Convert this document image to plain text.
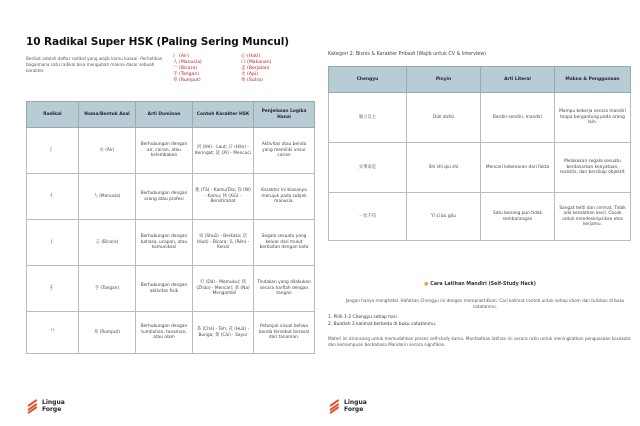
10 Radikal Super HSK (Paling Sering Muncul)
Berikut adalah daftar radikal yang wajib kamu kuasai. Perhatikan bagaimana satu radikal bisa mengubah makna dasar sebuah karakter.
氵 (Air)	心 (Hati)
人 (Manusia)	口 (Makanan)
宀 (Bicara)	走 (Berjalan)
手 (Tangan)	火 (Api)
草 (Rumput)	糸 (Sutra)
Radikal	Nama/Bentuk Asal	Arti Dominan	Contoh Karakter HSK	Penjelasan Logika Hanzi
氵	水 (Air)	Berhubungan dengan air, cairan, atau kelembaban	河 (Hé) - Laut; 汗 (Hàn) - Keringat; 洗 (Xǐ) - Mencuci	Aktivitas atau benda yang memiliki unsur cairan
亻	人 (Manusia)	Berhubungan dengan orang atau profesi	他 (Tā) - Kamu/Dia; 你 (Nǐ) - Kamu; 休 (Xiū) - Beristirahat	Karakter ini biasanya merujuk pada subjek manusia.
讠	言 (Bicara)	Berhubungan dengan bahasa, ucapan, atau komunikasi	说 (Shuō) - Berkata; 话 (Huà) - Bicara; 认 (Rèn) - Kenal	Segala sesuatu yang keluar dari mulut berkaitan dengan kata
扌	手 (Tangan)	Berhubungan dengan aktivitas fisik	打 (Dǎ) - Memukul; 找 (Zhǎo) - Mencari; 拿 (Ná) - Mengambil	Tindakan yang dilakukan secara harfiah dengan tangan
艹	草 (Rumput)	Berhubungan dengan tumbuhan, tanaman, atau alam	茶 (Chá) - Teh; 花 (Huā) - Bunga; 菜 (Cài) - Sayur	Petunjuk visual bahwa benda tersebut berasal dari tanaman.
Lingua
Forge
Kategori 2: Bisnis & Karakter Pribadi (Wajib untuk CV & Interview)
Chengyu	Pinyin	Arti Literal	Makna & Penggunaan
独立自主	Dúlì zìzhǔ	Berdiri sendiri, mandiri	Mampu bekerja secara mandiri tanpa bergantung pada orang lain.
实事求是	Shí shì qiú shì	Mencari kebenaran dari fakta	Melakukan segala sesuatu berdasarkan kenyataan, realistis, dan bersikap objektif.
一丝不苟	Yī sī bù gǒu	Satu benang pun tidak sembarangan	Sangat teliti dan cermat. Tidak ada kesalahan kecil. Cocok untuk mendeskripsikan etos kerjamu.
● Cara Latihan Mandiri (Self-Study Hack)
Jangan hanya menghafal. Hafalkan Chengyu ini dengan mempraktikkan: Cari kalimat contoh untuk setiap idiom dan tuliskan di buku catatanmu.
1. Pilih 1-2 Chengyu setiap hari.
2. Buatlah 3 kalimat berbeda di buku catatanmu.
Materi ini dirancang untuk memudahkan proses self-study kamu. Manfaatkan latihan ini secara rutin untuk meningkatkan penguasaan kosakata dan kemampuan berbahasa Mandarin secara signifikan.
Lingua
Forge
